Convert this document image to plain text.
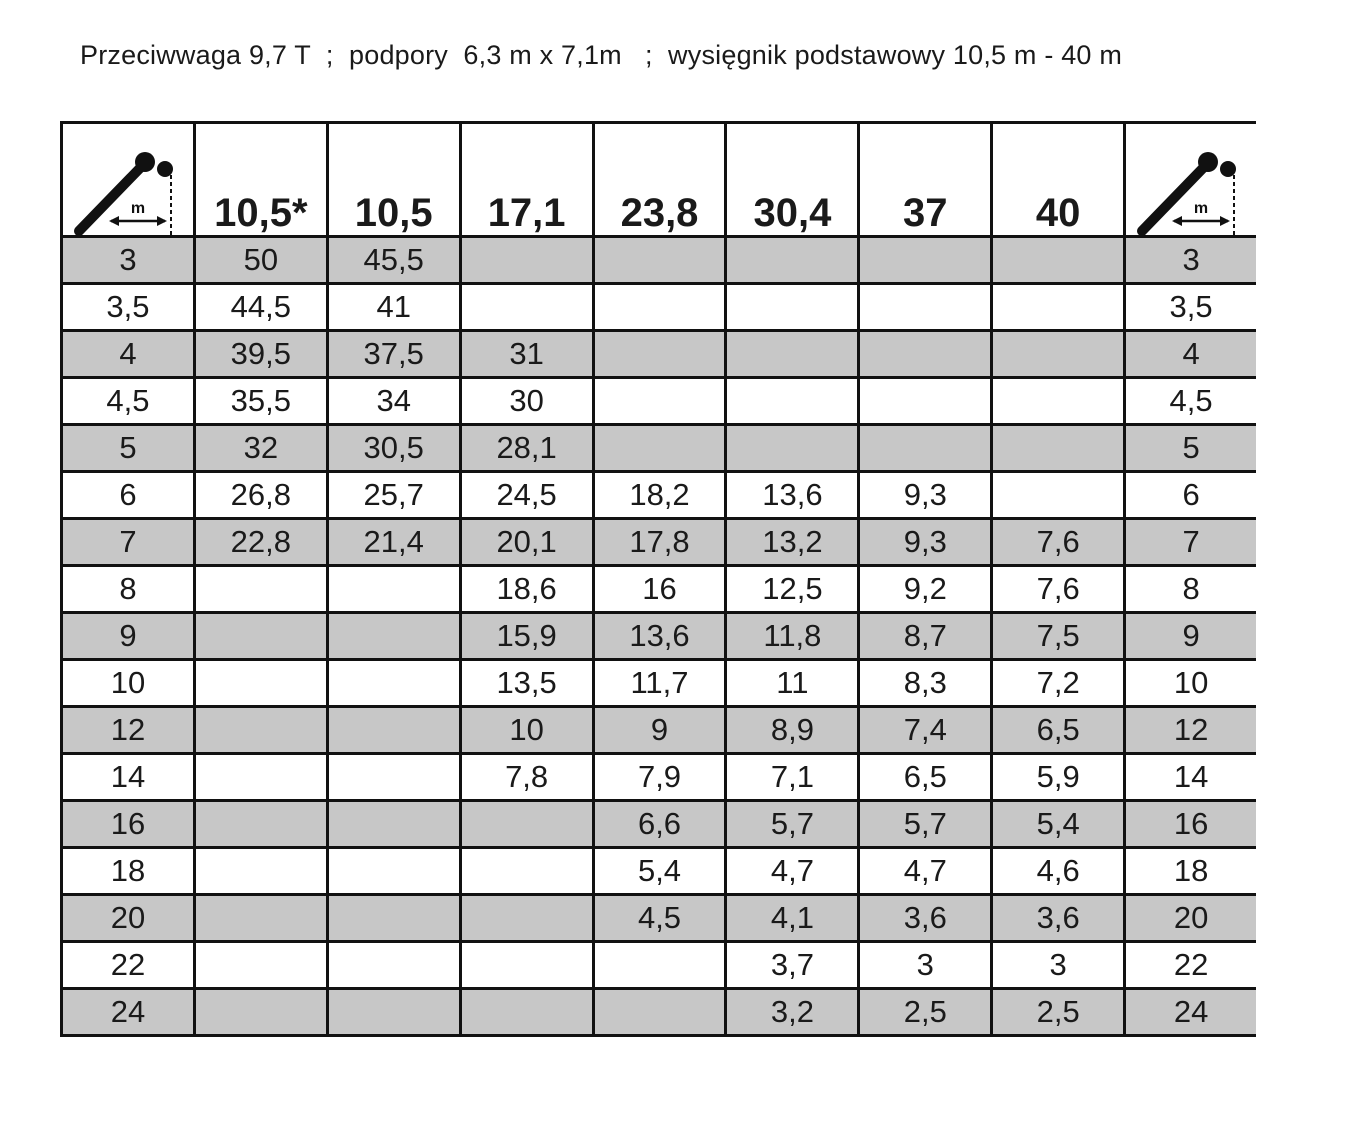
Przeciwwaga 9,7 T  ;  podpory  6,3 m x 7,1m   ;  wysięgnik podstawowy 10,5 m - 40 m
m	10,5*	10,5	17,1	23,8	30,4	37	40	m

3	50	45,5						3
3,5	44,5	41						3,5
4	39,5	37,5	31					4
4,5	35,5	34	30					4,5
5	32	30,5	28,1					5
6	26,8	25,7	24,5	18,2	13,6	9,3		6
7	22,8	21,4	20,1	17,8	13,2	9,3	7,6	7
8			18,6	16	12,5	9,2	7,6	8
9			15,9	13,6	11,8	8,7	7,5	9
10			13,5	11,7	11	8,3	7,2	10
12			10	9	8,9	7,4	6,5	12
14			7,8	7,9	7,1	6,5	5,9	14
16				6,6	5,7	5,7	5,4	16
18				5,4	4,7	4,7	4,6	18
20				4,5	4,1	3,6	3,6	20
22					3,7	3	3	22
24					3,2	2,5	2,5	24
